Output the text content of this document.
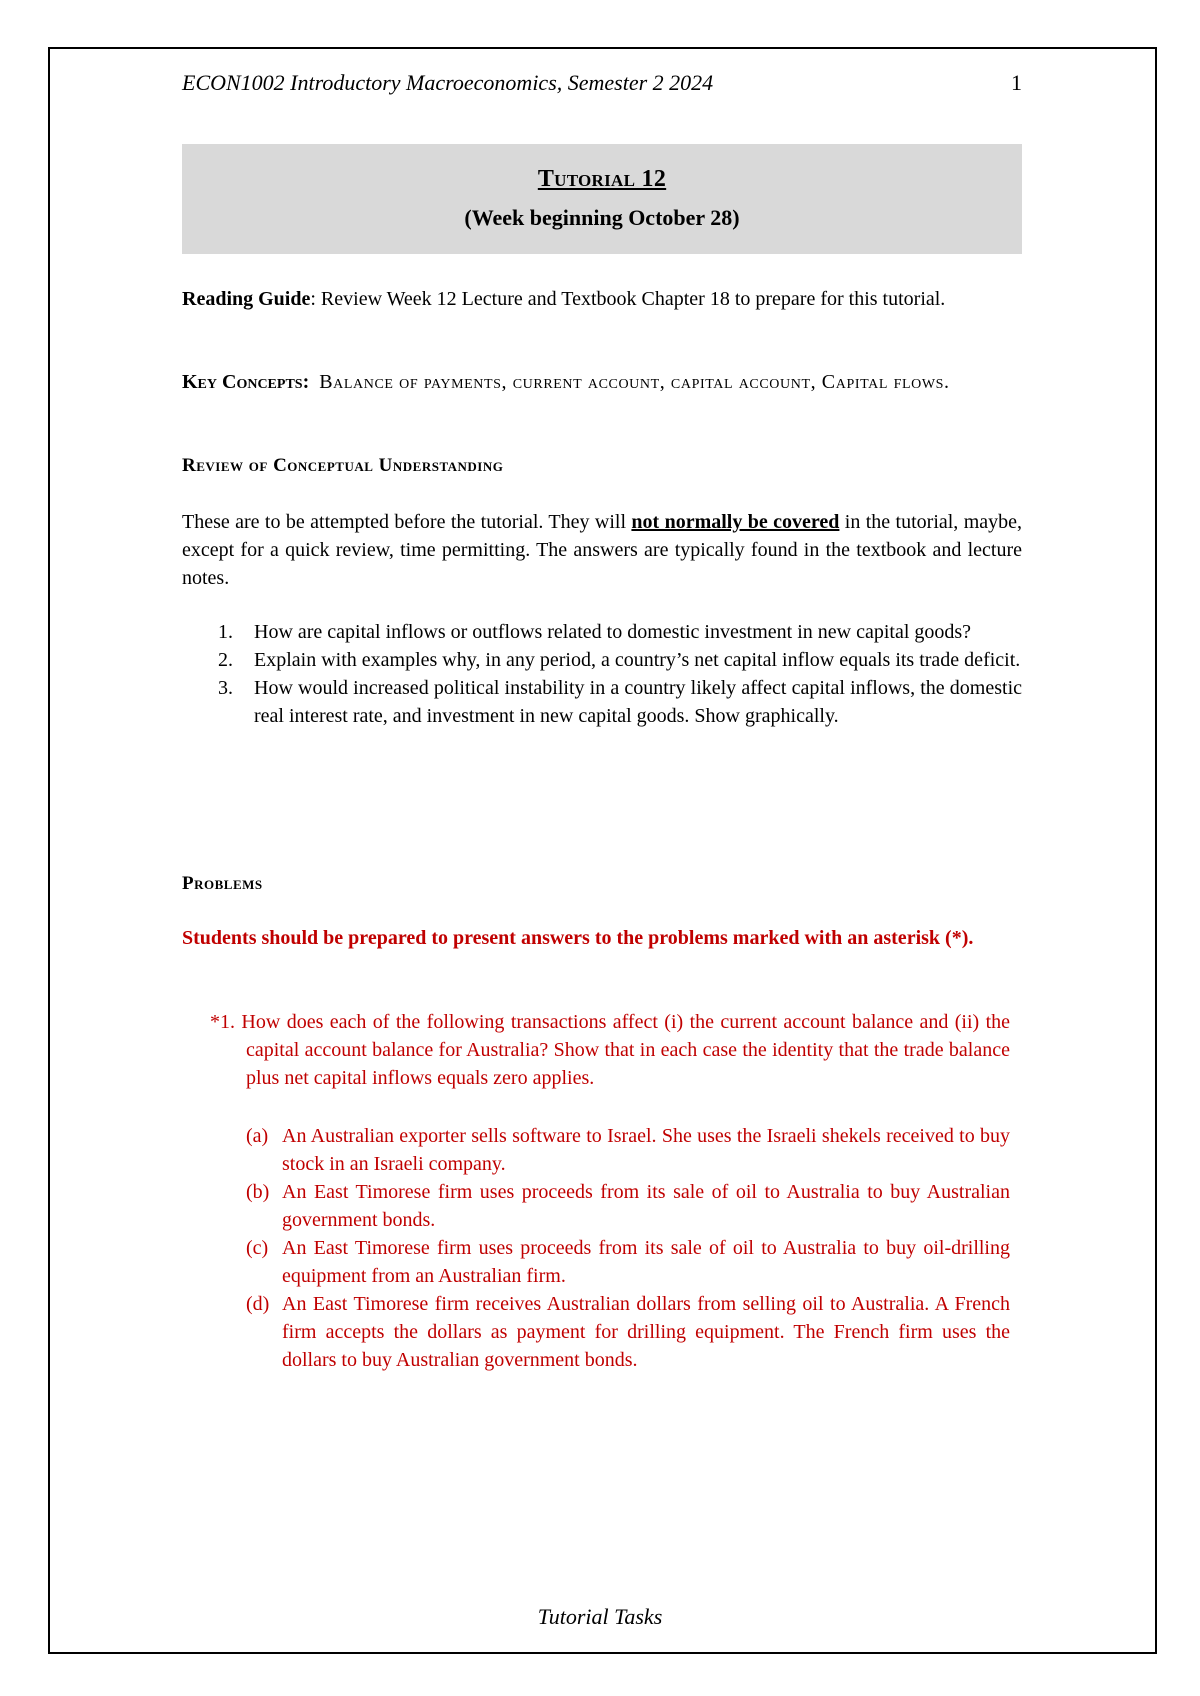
ECON1002 Introductory Macroeconomics, Semester 2 2024	1
Tutorial 12
(Week beginning October 28)

Reading Guide: Review Week 12 Lecture and Textbook Chapter 18 to prepare for this tutorial.

Key Concepts: Balance of payments, current account, capital account, Capital flows.

Review of Conceptual Understanding

These are to be attempted before the tutorial. They will not normally be covered in the tutorial, maybe, except for a quick review, time permitting. The answers are typically found in the textbook and lecture notes.

1. How are capital inflows or outflows related to domestic investment in new capital goods?
2. Explain with examples why, in any period, a country’s net capital inflow equals its trade deficit.
3. How would increased political instability in a country likely affect capital inflows, the domestic real interest rate, and investment in new capital goods. Show graphically.

Problems

Students should be prepared to present answers to the problems marked with an asterisk (*).

*1. How does each of the following transactions affect (i) the current account balance and (ii) the capital account balance for Australia? Show that in each case the identity that the trade balance plus net capital inflows equals zero applies.

(a) An Australian exporter sells software to Israel. She uses the Israeli shekels received to buy stock in an Israeli company.
(b) An East Timorese firm uses proceeds from its sale of oil to Australia to buy Australian government bonds.
(c) An East Timorese firm uses proceeds from its sale of oil to Australia to buy oil-drilling equipment from an Australian firm.
(d) An East Timorese firm receives Australian dollars from selling oil to Australia. A French firm accepts the dollars as payment for drilling equipment. The French firm uses the dollars to buy Australian government bonds.
Tutorial Tasks
